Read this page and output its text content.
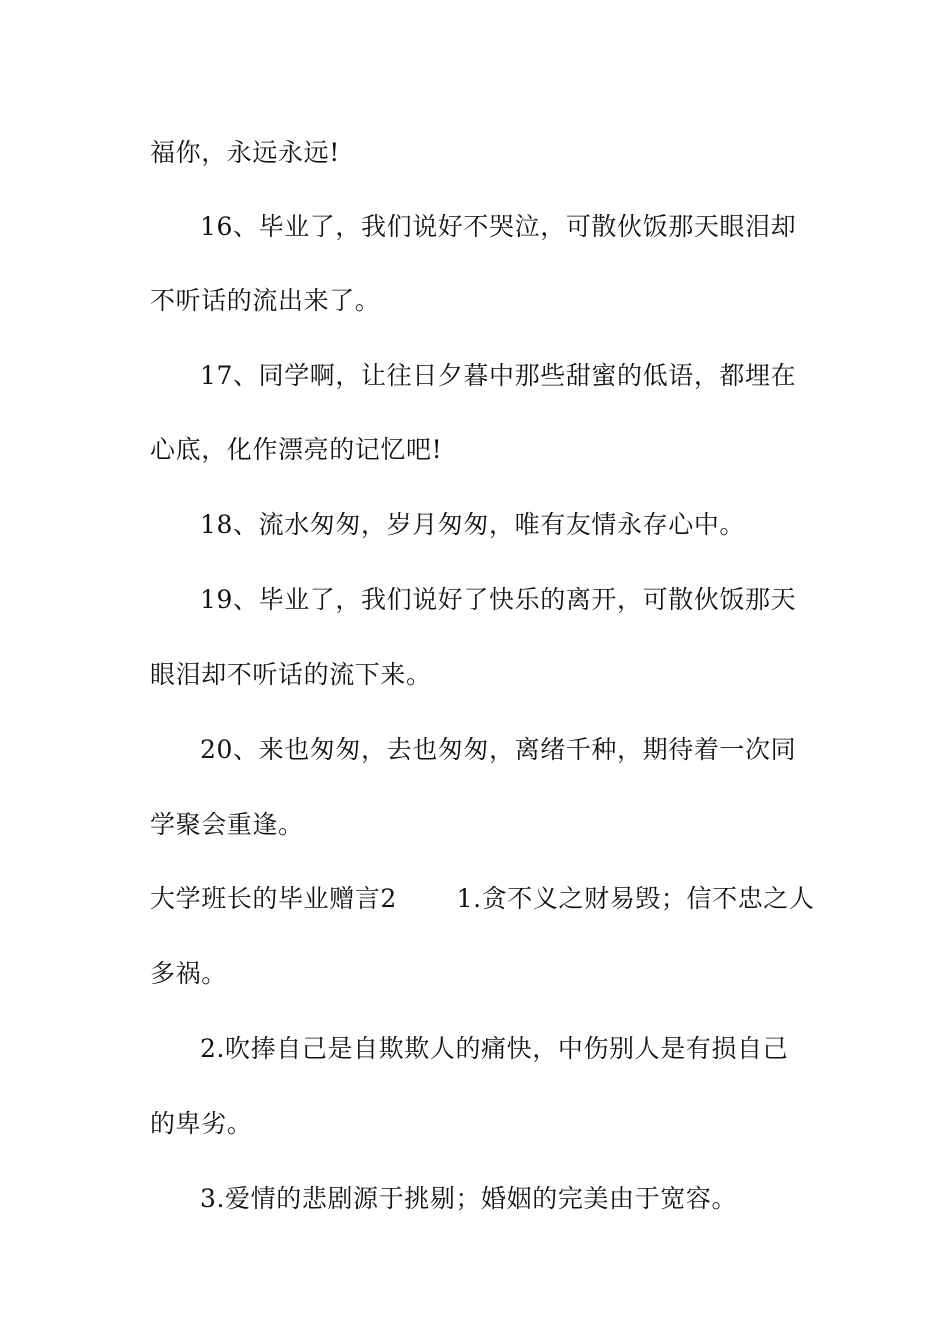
福你，永远永远!
16、毕业了，我们说好不哭泣，可散伙饭那天眼泪却
不听话的流出来了。
17、同学啊，让往日夕暮中那些甜蜜的低语，都埋在
心底，化作漂亮的记忆吧!
18、流水匆匆，岁月匆匆，唯有友情永存心中。
19、毕业了，我们说好了快乐的离开，可散伙饭那天
眼泪却不听话的流下来。
20、来也匆匆，去也匆匆，离绪千种，期待着一次同
学聚会重逢。
大学班长的毕业赠言2　　 1.贪不义之财易毁；信不忠之人
多祸。
2.吹捧自己是自欺欺人的痛快，中伤别人是有损自己
的卑劣。
3.爱情的悲剧源于挑剔；婚姻的完美由于宽容。
